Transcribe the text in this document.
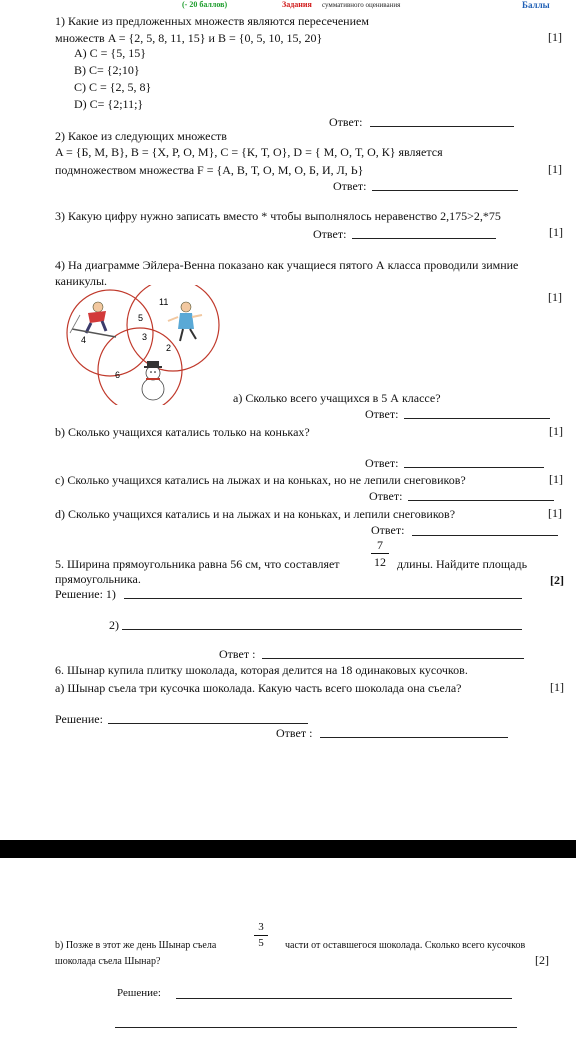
(- 20 баллов)	Задания суммативного оценивания	Баллы
1) Какие из предложенных множеств являются пересечением
множеств A = {2, 5, 8, 11, 15} и B = {0, 5, 10, 15, 20}	[1]
A) C = {5, 15}
B) C= {2;10}
C) C = {2, 5, 8}
D) C= {2;11;}
Ответ:
2) Какое из следующих множеств
A = {Б, М, В}, B = {Х, Р, О, М}, C = {К, Т, О}, D = { М, О, Т, О, К} является
подмножеством множества F = {А, В, Т, О, М, О, Б, И, Л, Ь}	[1]
Ответ:
3) Какую цифру нужно записать вместо * чтобы выполнялось неравенство 2,175>2,*75
Ответ:	[1]
4) На диаграмме Эйлера-Венна показано как учащиеся пятого А класса проводили зимние
каникулы.
[1]
11
5
3
4
2
6
a) Сколько всего учащихся в 5 А классе?
Ответ:
b) Сколько учащихся катались только на коньках?	[1]
Ответ:
c) Сколько учащихся катались на лыжах и на коньках, но не лепили снеговиков?	[1]
Ответ:
d) Сколько учащихся катались и на лыжах и на коньках, и лепили снеговиков?	[1]
Ответ:
5. Ширина прямоугольника равна 56 см, что составляет
7
12 длины. Найдите площадь
прямоугольника.	[2]
Решение: 1)
2)
Ответ :
6. Шынар купила плитку шоколада, которая делится на 18 одинаковых кусочков.
a) Шынар съела три кусочка шоколада. Какую часть всего шоколада она съела?	[1]
Решение:
Ответ :
3
5
b) Позже в этот же день Шынар съела	части от оставшегося шоколада. Сколько всего кусочков
шоколада съела Шынар?	[2]
Решение:
